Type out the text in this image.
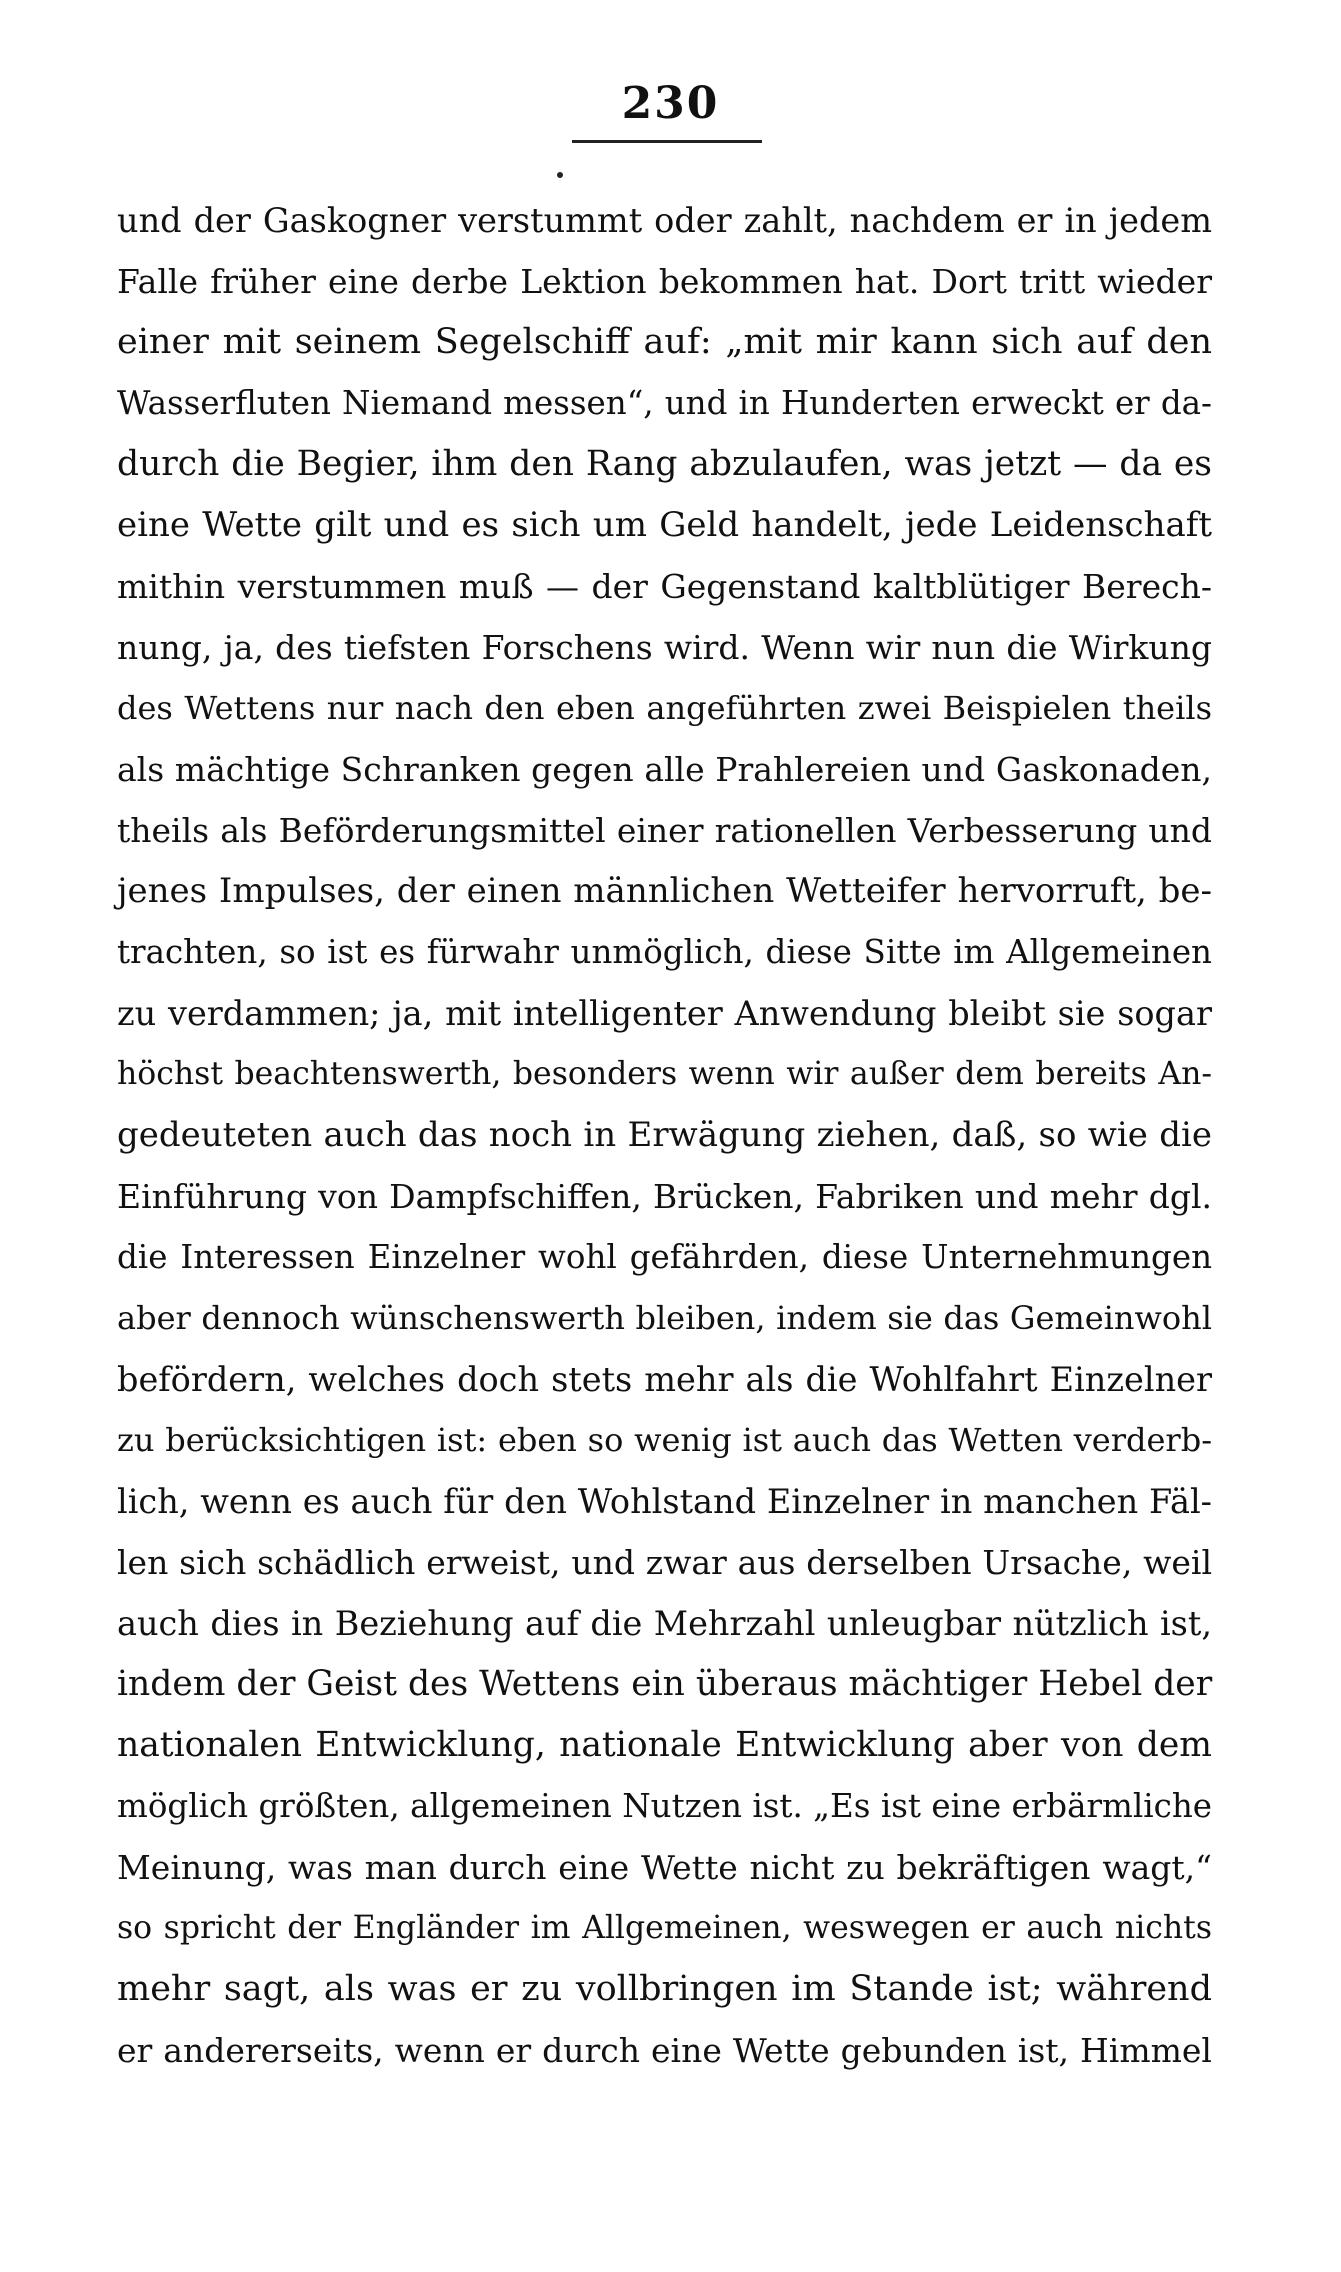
230
und der Gaskogner verstummt oder zahlt, nachdem er in jedem
Falle früher eine derbe Lektion bekommen hat. Dort tritt wieder
einer mit seinem Segelschiff auf: „mit mir kann sich auf den
Wasserfluten Niemand messen“, und in Hunderten erweckt er da-
durch die Begier, ihm den Rang abzulaufen, was jetzt — da es
eine Wette gilt und es sich um Geld handelt, jede Leidenschaft
mithin verstummen muß — der Gegenstand kaltblütiger Berech-
nung, ja, des tiefsten Forschens wird. Wenn wir nun die Wirkung
des Wettens nur nach den eben angeführten zwei Beispielen theils
als mächtige Schranken gegen alle Prahlereien und Gaskonaden,
theils als Beförderungsmittel einer rationellen Verbesserung und
jenes Impulses, der einen männlichen Wetteifer hervorruft, be-
trachten, so ist es fürwahr unmöglich, diese Sitte im Allgemeinen
zu verdammen; ja, mit intelligenter Anwendung bleibt sie sogar
höchst beachtenswerth, besonders wenn wir außer dem bereits An-
gedeuteten auch das noch in Erwägung ziehen, daß, so wie die
Einführung von Dampfschiffen, Brücken, Fabriken und mehr dgl.
die Interessen Einzelner wohl gefährden, diese Unternehmungen
aber dennoch wünschenswerth bleiben, indem sie das Gemeinwohl
befördern, welches doch stets mehr als die Wohlfahrt Einzelner
zu berücksichtigen ist: eben so wenig ist auch das Wetten verderb-
lich, wenn es auch für den Wohlstand Einzelner in manchen Fäl-
len sich schädlich erweist, und zwar aus derselben Ursache, weil
auch dies in Beziehung auf die Mehrzahl unleugbar nützlich ist,
indem der Geist des Wettens ein überaus mächtiger Hebel der
nationalen Entwicklung, nationale Entwicklung aber von dem
möglich größten, allgemeinen Nutzen ist. „Es ist eine erbärmliche
Meinung, was man durch eine Wette nicht zu bekräftigen wagt,“
so spricht der Engländer im Allgemeinen, weswegen er auch nichts
mehr sagt, als was er zu vollbringen im Stande ist; während
er andererseits, wenn er durch eine Wette gebunden ist, Himmel
